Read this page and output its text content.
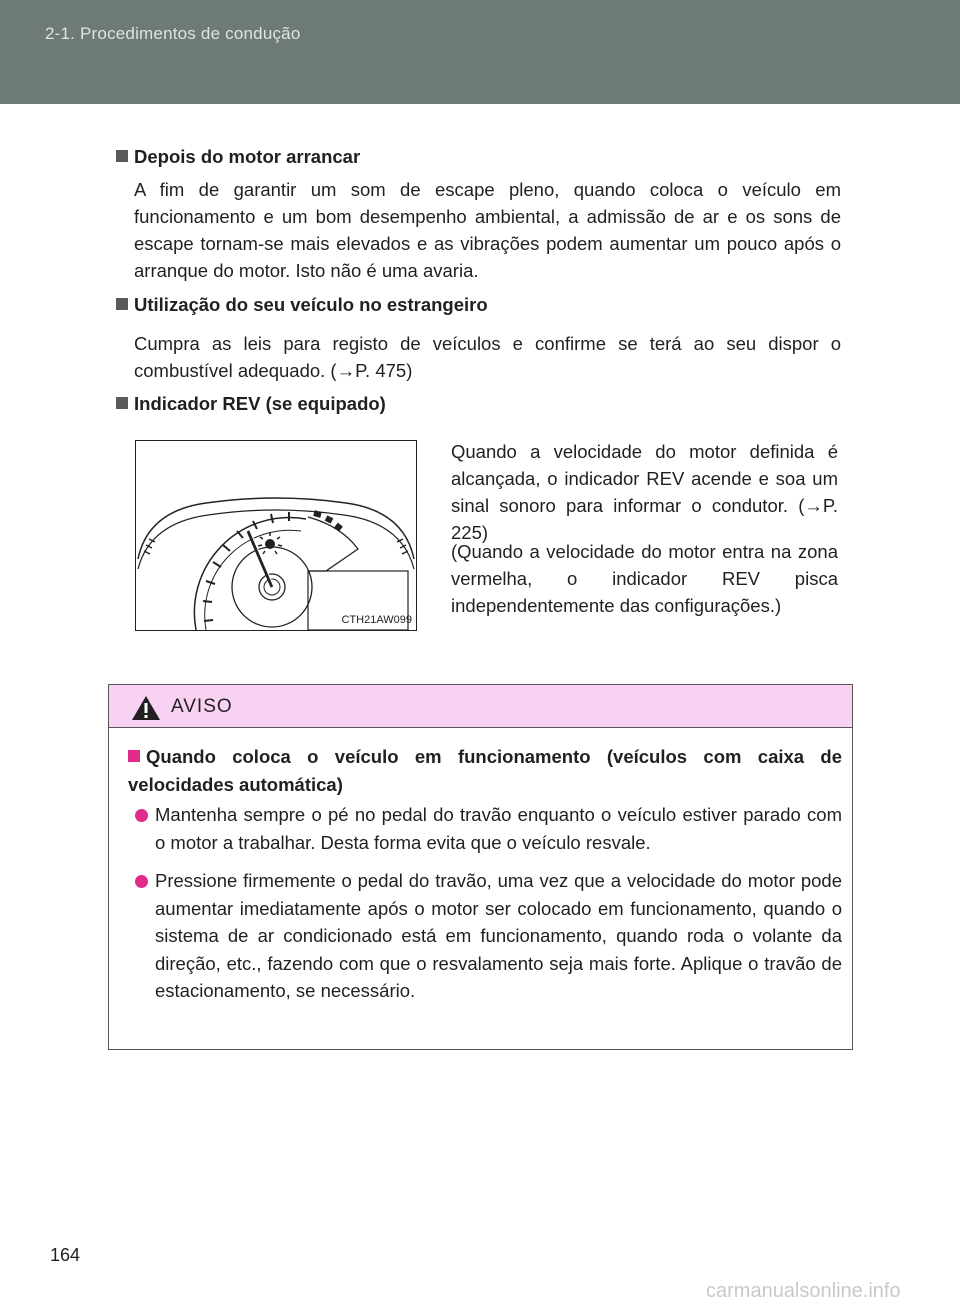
2-1. Procedimentos de condução
Depois do motor arrancar
A fim de garantir um som de escape pleno, quando coloca o veículo em funcionamento e um bom desempenho ambiental, a admissão de ar e os sons de escape tornam-se mais elevados e as vibrações podem aumentar um pouco após o arranque do motor. Isto não é uma avaria.
Utilização do seu veículo no estrangeiro
Cumpra as leis para registo de veículos e confirme se terá ao seu dispor o combustível adequado. (→P. 475)
Indicador REV (se equipado)
CTH21AW099
Quando a velocidade do motor definida é alcançada, o indicador REV acende e soa um sinal sonoro para informar o condutor. (→P. 225)
(Quando a velocidade do motor entra na zona vermelha, o indicador REV pisca independentemente das configurações.)
AVISO
Quando coloca o veículo em funcionamento (veículos com caixa de velocidades automática)
Mantenha sempre o pé no pedal do travão enquanto o veículo estiver parado com o motor a trabalhar. Desta forma evita que o veículo resvale.
Pressione firmemente o pedal do travão, uma vez que a velocidade do motor pode aumentar imediatamente após o motor ser colocado em funcionamento, quando o sistema de ar condicionado está em funcionamento, quando roda o volante da direção, etc., fazendo com que o resvalamento seja mais forte. Aplique o travão de estacionamento, se necessário.
164
carmanualsonline.info
